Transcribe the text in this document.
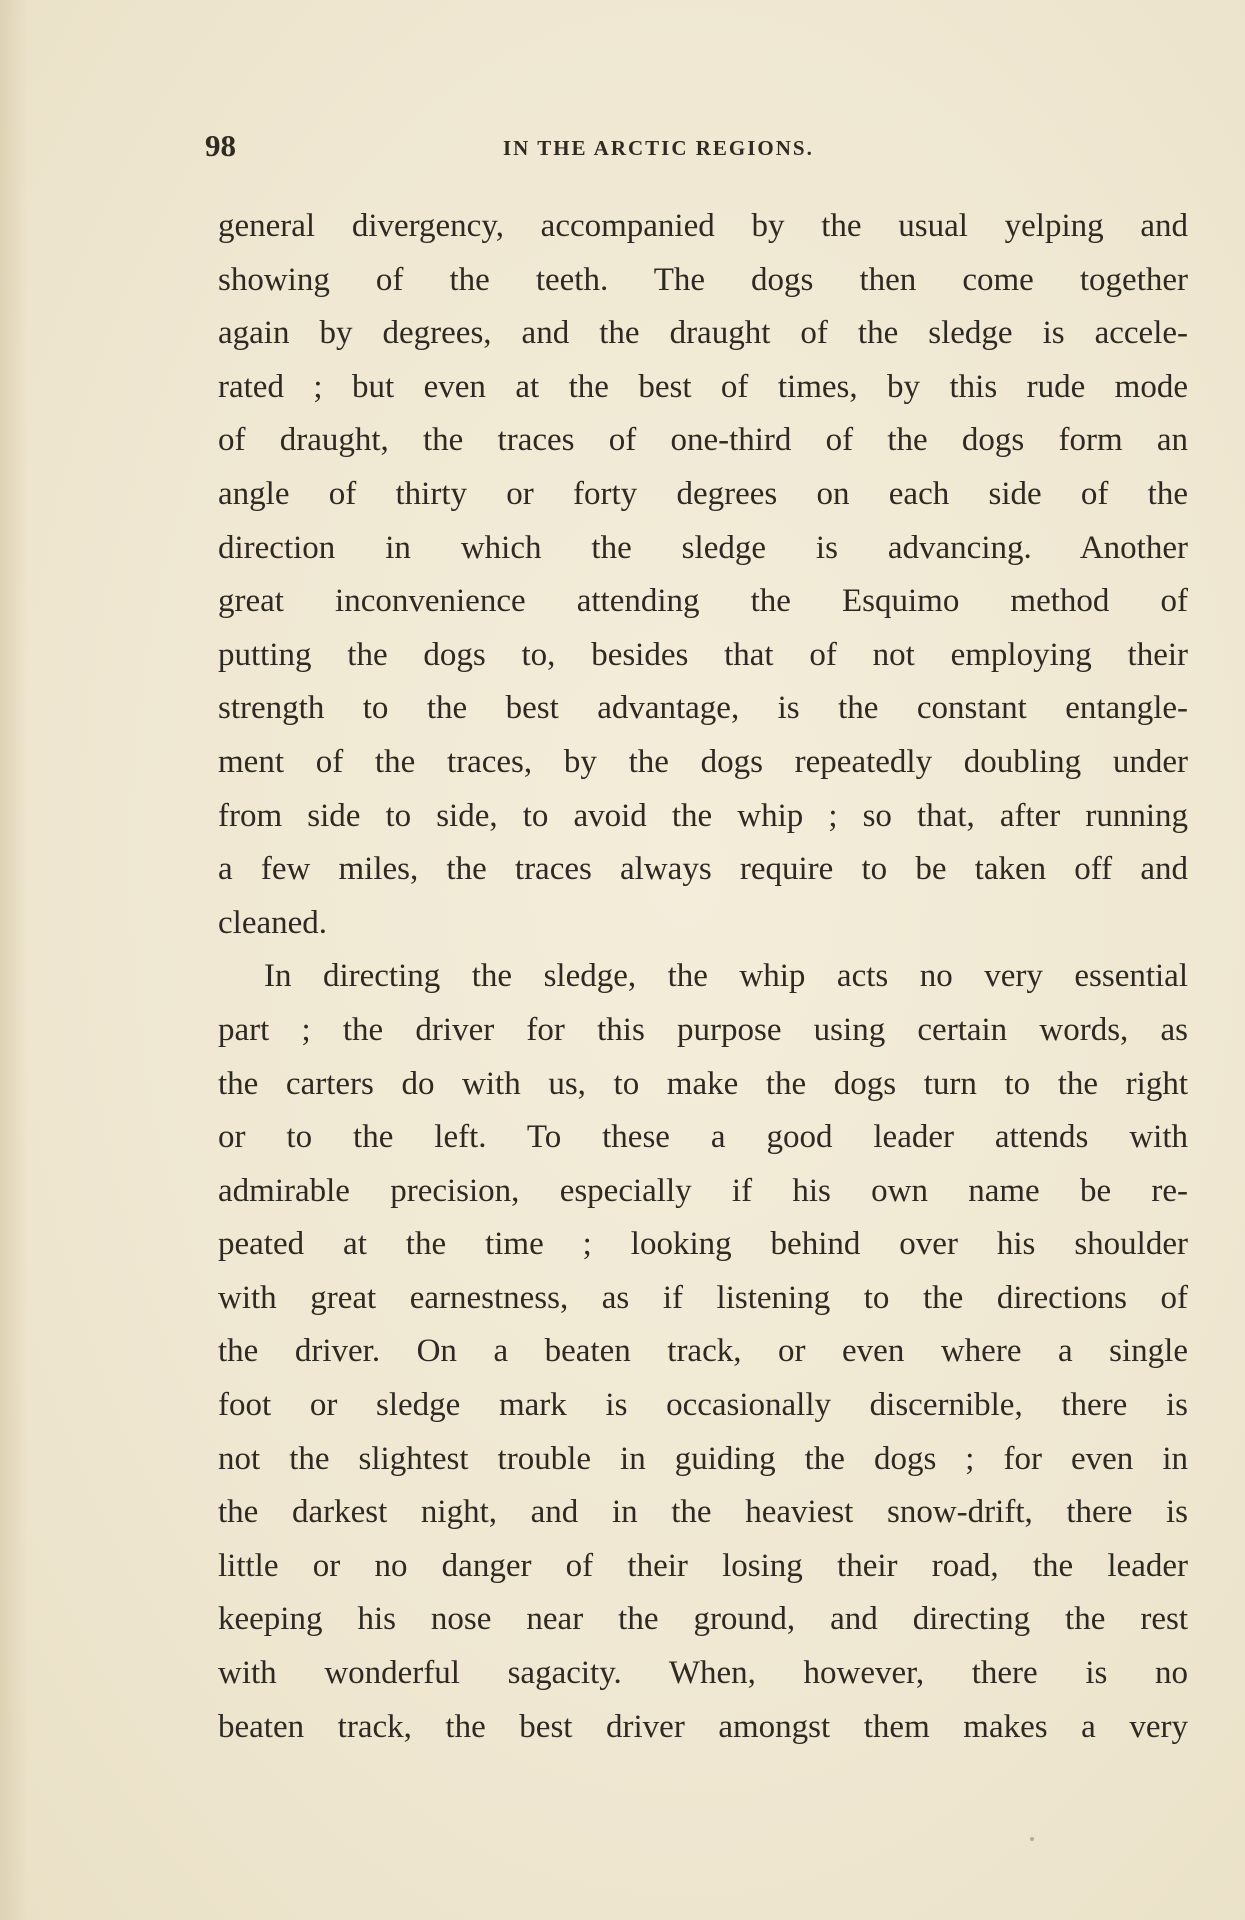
98	IN THE ARCTIC REGIONS.
general divergency, accompanied by the usual yelping and
showing of the teeth. The dogs then come together
again by degrees, and the draught of the sledge is accele-
rated ; but even at the best of times, by this rude mode
of draught, the traces of one-third of the dogs form an
angle of thirty or forty degrees on each side of the
direction in which the sledge is advancing. Another
great inconvenience attending the Esquimo method of
putting the dogs to, besides that of not employing their
strength to the best advantage, is the constant entangle-
ment of the traces, by the dogs repeatedly doubling under
from side to side, to avoid the whip ; so that, after running
a few miles, the traces always require to be taken off and
cleaned.
In directing the sledge, the whip acts no very essential
part ; the driver for this purpose using certain words, as
the carters do with us, to make the dogs turn to the right
or to the left. To these a good leader attends with
admirable precision, especially if his own name be re-
peated at the time ; looking behind over his shoulder
with great earnestness, as if listening to the directions of
the driver. On a beaten track, or even where a single
foot or sledge mark is occasionally discernible, there is
not the slightest trouble in guiding the dogs ; for even in
the darkest night, and in the heaviest snow-drift, there is
little or no danger of their losing their road, the leader
keeping his nose near the ground, and directing the rest
with wonderful sagacity. When, however, there is no
beaten track, the best driver amongst them makes a very
